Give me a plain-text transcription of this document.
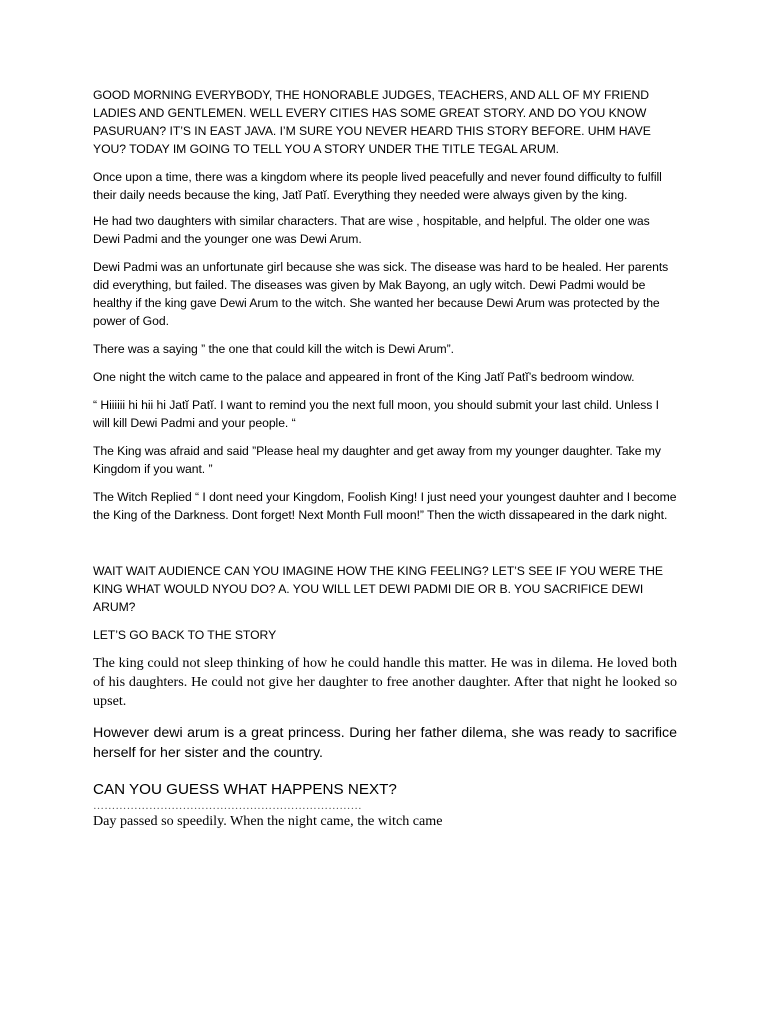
GOOD MORNING EVERYBODY, THE HONORABLE JUDGES, TEACHERS, AND ALL OF MY FRIEND LADIES AND GENTLEMEN. WELL EVERY CITIES HAS SOME GREAT STORY. AND DO YOU KNOW PASURUAN? IT’S IN EAST JAVA. I’M SURE YOU NEVER HEARD THIS STORY BEFORE. UHM HAVE YOU? TODAY IM GOING TO TELL YOU A STORY UNDER THE TITLE TEGAL ARUM.

Once upon a time, there was a kingdom where its people lived peacefully and never found difficulty to fulfill their daily needs because the king, Jatĭ Patĭ. Everything they needed were always given by the king.

He had two daughters with similar characters. That are wise , hospitable, and helpful. The older one was Dewi Padmi and the younger one was Dewi Arum.

Dewi Padmi was an unfortunate girl because she was sick. The disease was hard to be healed. Her parents did everything, but failed. The diseases was given by Mak Bayong, an ugly witch. Dewi Padmi would be healthy if the king gave Dewi Arum to the witch. She wanted her because Dewi Arum was protected by the power of God.

There was a saying ” the one that could kill the witch is Dewi Arum”.

One night the witch came to the palace and appeared in front of the King Jatĭ Patĭ’s bedroom window.

“ Hiiiiii hi hii hi Jatĭ Patĭ. I want to remind you the next full moon, you should submit your last child. Unless I will kill Dewi Padmi and your people. “

The King was afraid and said ”Please heal my daughter and get away from my younger daughter. Take my Kingdom if you want. ”

The Witch Replied “ I dont need your Kingdom, Foolish King! I just need your youngest dauhter and I become the King of the Darkness. Dont forget! Next Month Full moon!” Then the wicth dissapeared in the dark night.

WAIT WAIT AUDIENCE CAN YOU IMAGINE HOW THE KING FEELING? LET’S SEE IF YOU WERE THE KING WHAT WOULD NYOU DO? A. YOU WILL LET DEWI PADMI DIE OR B. YOU SACRIFICE DEWI ARUM?

LET’S GO BACK TO THE STORY

The king could not sleep thinking of how he could handle this matter. He was in dilema. He loved both of his daughters. He could not give her daughter to free another daughter. After that night he looked so upset.

However dewi arum is a great princess. During her father dilema, she was ready to sacrifice herself for her sister and the country.

CAN YOU GUESS WHAT HAPPENS NEXT?

………………………………………………………………

Day passed so speedily. When the night came, the witch came
